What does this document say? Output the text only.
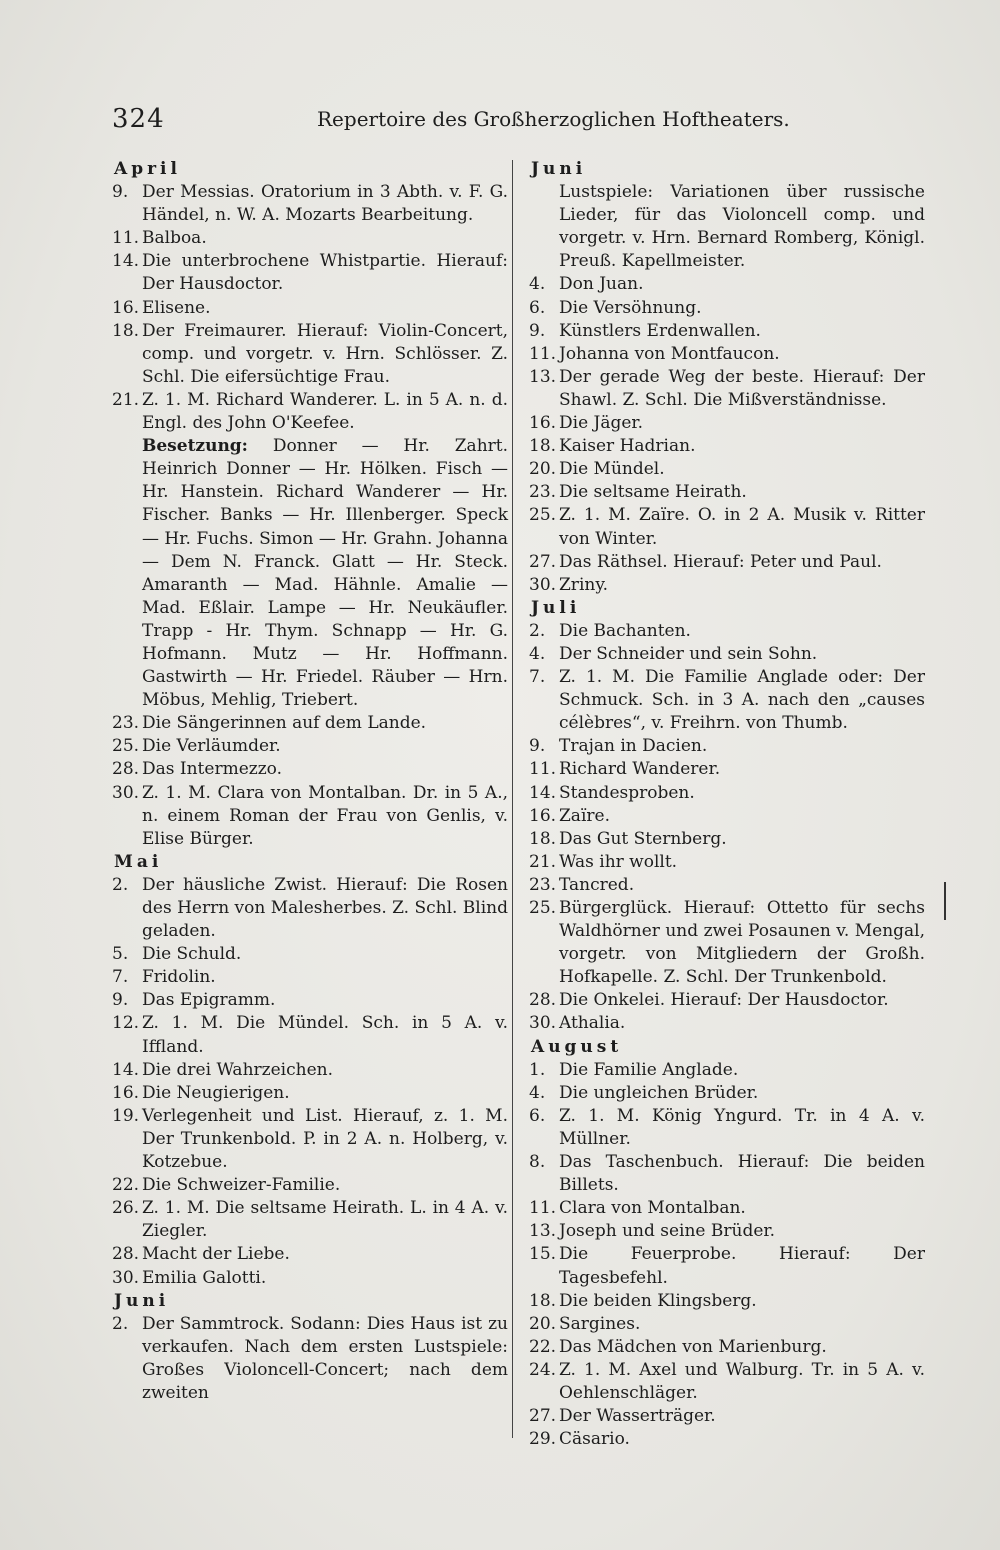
324	Repertoire des Großherzoglichen Hoftheaters.
April
9. Der Messias. Oratorium in 3 Abth. v. F. G. Händel, n. W. A. Mozarts Bearbeitung.
11. Balboa.
14. Die unterbrochene Whistpartie. Hierauf: Der Hausdoctor.
16. Elisene.
18. Der Freimaurer. Hierauf: Violin-Concert, comp. und vorgetr. v. Hrn. Schlösser. Z. Schl. Die eifersüchtige Frau.
21. Z. 1. M. Richard Wanderer. L. in 5 A. n. d. Engl. des John O'Keefee.
Besetzung: Donner — Hr. Zahrt. Heinrich Donner — Hr. Hölken. Fisch — Hr. Hanstein. Richard Wanderer — Hr. Fischer. Banks — Hr. Illenberger. Speck — Hr. Fuchs. Simon — Hr. Grahn. Johanna — Dem N. Franck. Glatt — Hr. Steck. Amaranth — Mad. Hähnle. Amalie — Mad. Eßlair. Lampe — Hr. Neukäufler. Trapp - Hr. Thym. Schnapp — Hr. G. Hofmann. Mutz — Hr. Hoffmann. Gastwirth — Hr. Friedel. Räuber — Hrn. Möbus, Mehlig, Triebert.
23. Die Sängerinnen auf dem Lande.
25. Die Verläumder.
28. Das Intermezzo.
30. Z. 1. M. Clara von Montalban. Dr. in 5 A., n. einem Roman der Frau von Genlis, v. Elise Bürger.
Mai
2. Der häusliche Zwist. Hierauf: Die Rosen des Herrn von Malesherbes. Z. Schl. Blind geladen.
5. Die Schuld.
7. Fridolin.
9. Das Epigramm.
12. Z. 1. M. Die Mündel. Sch. in 5 A. v. Iffland.
14. Die drei Wahrzeichen.
16. Die Neugierigen.
19. Verlegenheit und List. Hierauf, z. 1. M. Der Trunkenbold. P. in 2 A. n. Holberg, v. Kotzebue.
22. Die Schweizer-Familie.
26. Z. 1. M. Die seltsame Heirath. L. in 4 A. v. Ziegler.
28. Macht der Liebe.
30. Emilia Galotti.
Juni
2. Der Sammtrock. Sodann: Dies Haus ist zu verkaufen. Nach dem ersten Lustspiele: Großes Violoncell-Concert; nach dem zweiten
Juni
Lustspiele: Variationen über russische Lieder, für das Violoncell comp. und vorgetr. v. Hrn. Bernard Romberg, Königl. Preuß. Kapellmeister.
4. Don Juan.
6. Die Versöhnung.
9. Künstlers Erdenwallen.
11. Johanna von Montfaucon.
13. Der gerade Weg der beste. Hierauf: Der Shawl. Z. Schl. Die Mißverständnisse.
16. Die Jäger.
18. Kaiser Hadrian.
20. Die Mündel.
23. Die seltsame Heirath.
25. Z. 1. M. Zaïre. O. in 2 A. Musik v. Ritter von Winter.
27. Das Räthsel. Hierauf: Peter und Paul.
30. Zriny.
Juli
2. Die Bachanten.
4. Der Schneider und sein Sohn.
7. Z. 1. M. Die Familie Anglade oder: Der Schmuck. Sch. in 3 A. nach den „causes célèbres“, v. Freihrn. von Thumb.
9. Trajan in Dacien.
11. Richard Wanderer.
14. Standesproben.
16. Zaïre.
18. Das Gut Sternberg.
21. Was ihr wollt.
23. Tancred.
25. Bürgerglück. Hierauf: Ottetto für sechs Waldhörner und zwei Posaunen v. Mengal, vorgetr. von Mitgliedern der Großh. Hofkapelle. Z. Schl. Der Trunkenbold.
28. Die Onkelei. Hierauf: Der Hausdoctor.
30. Athalia.
August
1. Die Familie Anglade.
4. Die ungleichen Brüder.
6. Z. 1. M. König Yngurd. Tr. in 4 A. v. Müllner.
8. Das Taschenbuch. Hierauf: Die beiden Billets.
11. Clara von Montalban.
13. Joseph und seine Brüder.
15. Die Feuerprobe. Hierauf: Der Tagesbefehl.
18. Die beiden Klingsberg.
20. Sargines.
22. Das Mädchen von Marienburg.
24. Z. 1. M. Axel und Walburg. Tr. in 5 A. v. Oehlenschläger.
27. Der Wasserträger.
29. Cäsario.
